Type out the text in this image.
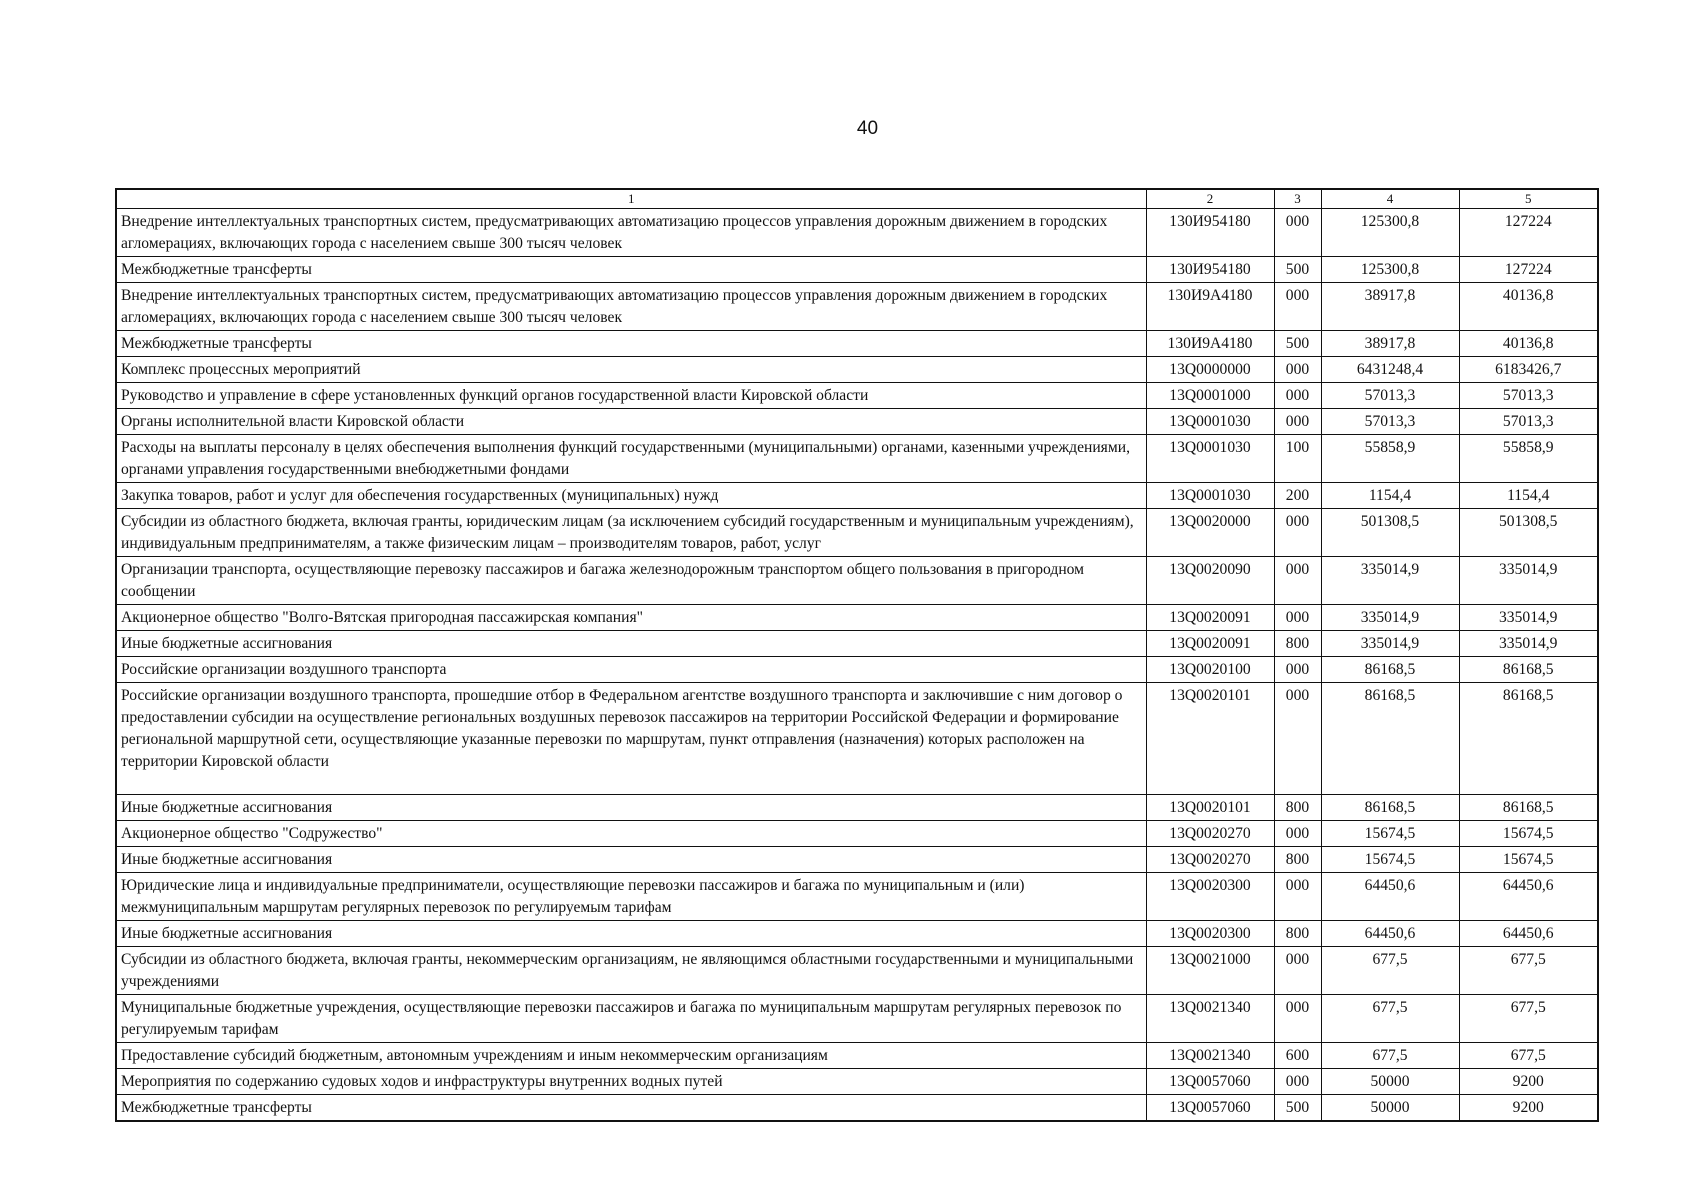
40
1	2	3	4	5
Внедрение интеллектуальных транспортных систем, предусматривающих автоматизацию процессов управления дорожным движением в городских агломерациях, включающих города с населением свыше 300 тысяч человек	130И954180	000	125300,8	127224
Межбюджетные трансферты	130И954180	500	125300,8	127224
Внедрение интеллектуальных транспортных систем, предусматривающих автоматизацию процессов управления дорожным движением в городских агломерациях, включающих города с населением свыше 300 тысяч человек	130И9А4180	000	38917,8	40136,8
Межбюджетные трансферты	130И9А4180	500	38917,8	40136,8
Комплекс процессных мероприятий	13Q0000000	000	6431248,4	6183426,7
Руководство и управление в сфере установленных функций органов государственной власти Кировской области	13Q0001000	000	57013,3	57013,3
Органы исполнительной власти Кировской области	13Q0001030	000	57013,3	57013,3
Расходы на выплаты персоналу в целях обеспечения выполнения функций государственными (муниципальными) органами, казенными учреждениями, органами управления государственными внебюджетными фондами	13Q0001030	100	55858,9	55858,9
Закупка товаров, работ и услуг для обеспечения государственных (муниципальных) нужд	13Q0001030	200	1154,4	1154,4
Субсидии из областного бюджета, включая гранты, юридическим лицам (за исключением субсидий государственным и муниципальным учреждениям), индивидуальным предпринимателям, а также физическим лицам – производителям товаров, работ, услуг	13Q0020000	000	501308,5	501308,5
Организации транспорта, осуществляющие перевозку пассажиров и багажа железнодорожным транспортом общего пользования в пригородном сообщении	13Q0020090	000	335014,9	335014,9
Акционерное общество "Волго-Вятская пригородная пассажирская компания"	13Q0020091	000	335014,9	335014,9
Иные бюджетные ассигнования	13Q0020091	800	335014,9	335014,9
Российские организации воздушного транспорта	13Q0020100	000	86168,5	86168,5
Российские организации воздушного транспорта, прошедшие отбор в Федеральном агентстве воздушного транспорта и заключившие с ним договор о предоставлении субсидии на осуществление региональных воздушных перевозок пассажиров на территории Российской Федерации и формирование региональной маршрутной сети, осуществляющие указанные перевозки по маршрутам, пункт отправления (назначения) которых расположен на территории Кировской области	13Q0020101	000	86168,5	86168,5
Иные бюджетные ассигнования	13Q0020101	800	86168,5	86168,5
Акционерное общество "Содружество"	13Q0020270	000	15674,5	15674,5
Иные бюджетные ассигнования	13Q0020270	800	15674,5	15674,5
Юридические лица и индивидуальные предприниматели, осуществляющие перевозки пассажиров и багажа по муниципальным и (или) межмуниципальным маршрутам регулярных перевозок по регулируемым тарифам	13Q0020300	000	64450,6	64450,6
Иные бюджетные ассигнования	13Q0020300	800	64450,6	64450,6
Субсидии из областного бюджета, включая гранты, некоммерческим организациям, не являющимся областными государственными и муниципальными учреждениями	13Q0021000	000	677,5	677,5
Муниципальные бюджетные учреждения, осуществляющие перевозки пассажиров и багажа по муниципальным маршрутам регулярных перевозок по регулируемым тарифам	13Q0021340	000	677,5	677,5
Предоставление субсидий бюджетным, автономным учреждениям и иным некоммерческим организациям	13Q0021340	600	677,5	677,5
Мероприятия по содержанию судовых ходов и инфраструктуры внутренних водных путей	13Q0057060	000	50000	9200
Межбюджетные трансферты	13Q0057060	500	50000	9200
